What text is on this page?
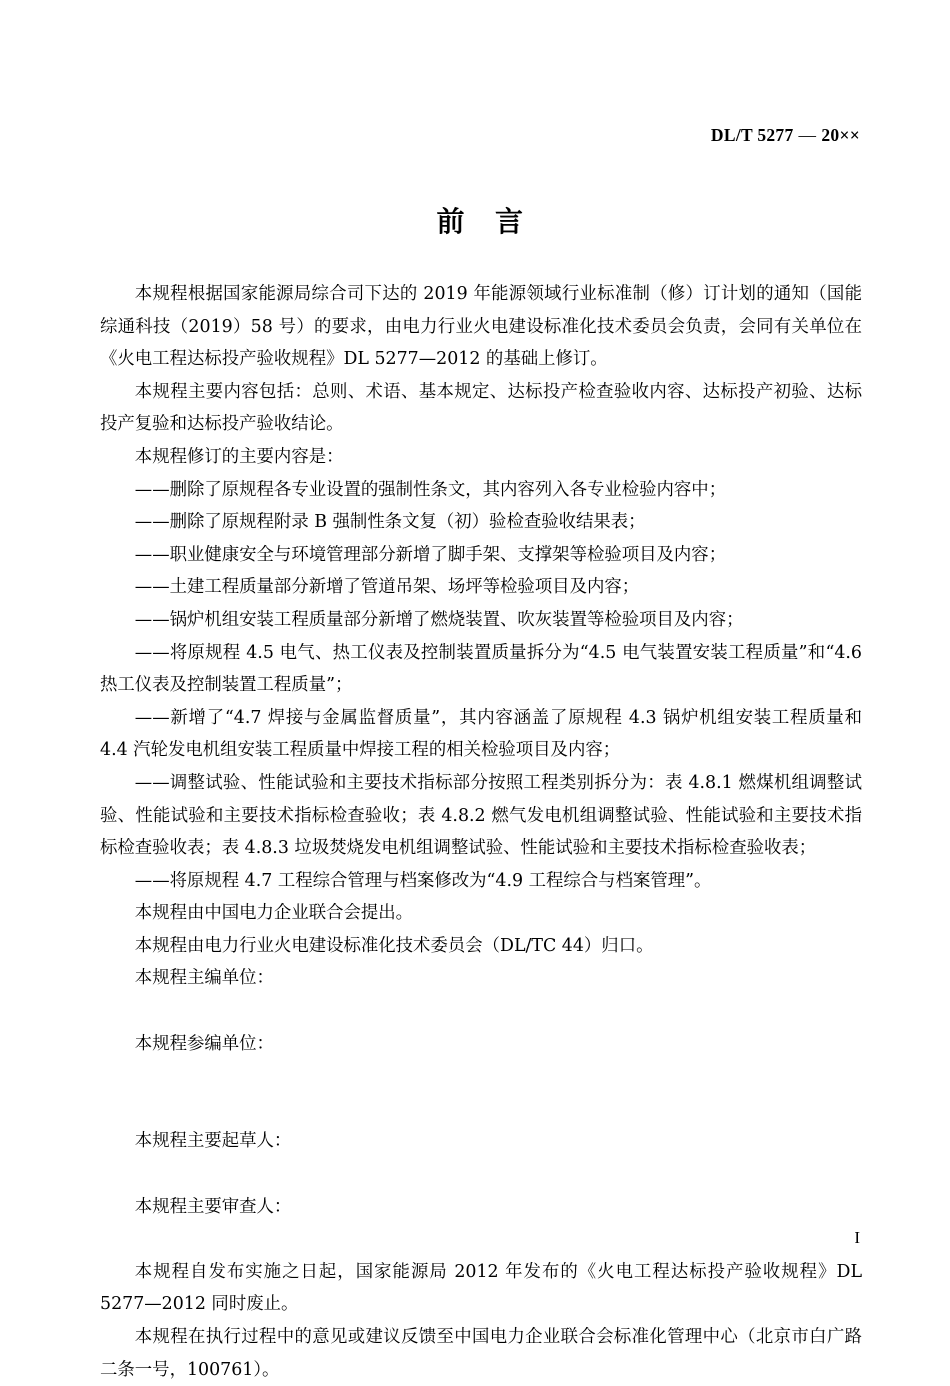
DL/T 5277 — 20××
前 言

本规程根据国家能源局综合司下达的 2019 年能源领域行业标准制（修）订计划的通知（国能综通科技（2019）58 号）的要求，由电力行业火电建设标准化技术委员会负责，会同有关单位在《火电工程达标投产验收规程》DL 5277—2012 的基础上修订。

本规程主要内容包括：总则、术语、基本规定、达标投产检查验收内容、达标投产初验、达标投产复验和达标投产验收结论。

本规程修订的主要内容是：

——删除了原规程各专业设置的强制性条文，其内容列入各专业检验内容中；

——删除了原规程附录 B 强制性条文复（初）验检查验收结果表；

——职业健康安全与环境管理部分新增了脚手架、支撑架等检验项目及内容；

——土建工程质量部分新增了管道吊架、场坪等检验项目及内容；

——锅炉机组安装工程质量部分新增了燃烧装置、吹灰装置等检验项目及内容；

——将原规程 4.5 电气、热工仪表及控制装置质量拆分为“4.5 电气装置安装工程质量”和“4.6 热工仪表及控制装置工程质量”；

——新增了“4.7 焊接与金属监督质量”，其内容涵盖了原规程 4.3 锅炉机组安装工程质量和 4.4 汽轮发电机组安装工程质量中焊接工程的相关检验项目及内容；

——调整试验、性能试验和主要技术指标部分按照工程类别拆分为：表 4.8.1 燃煤机组调整试验、性能试验和主要技术指标检查验收；表 4.8.2 燃气发电机组调整试验、性能试验和主要技术指标检查验收表；表 4.8.3 垃圾焚烧发电机组调整试验、性能试验和主要技术指标检查验收表；

——将原规程 4.7 工程综合管理与档案修改为“4.9 工程综合与档案管理”。

本规程由中国电力企业联合会提出。

本规程由电力行业火电建设标准化技术委员会（DL/TC 44）归口。

本规程主编单位：

本规程参编单位：

本规程主要起草人：

本规程主要审查人：

本规程自发布实施之日起，国家能源局 2012 年发布的《火电工程达标投产验收规程》DL 5277—2012 同时废止。

本规程在执行过程中的意见或建议反馈至中国电力企业联合会标准化管理中心（北京市白广路二条一号，100761）。

I
